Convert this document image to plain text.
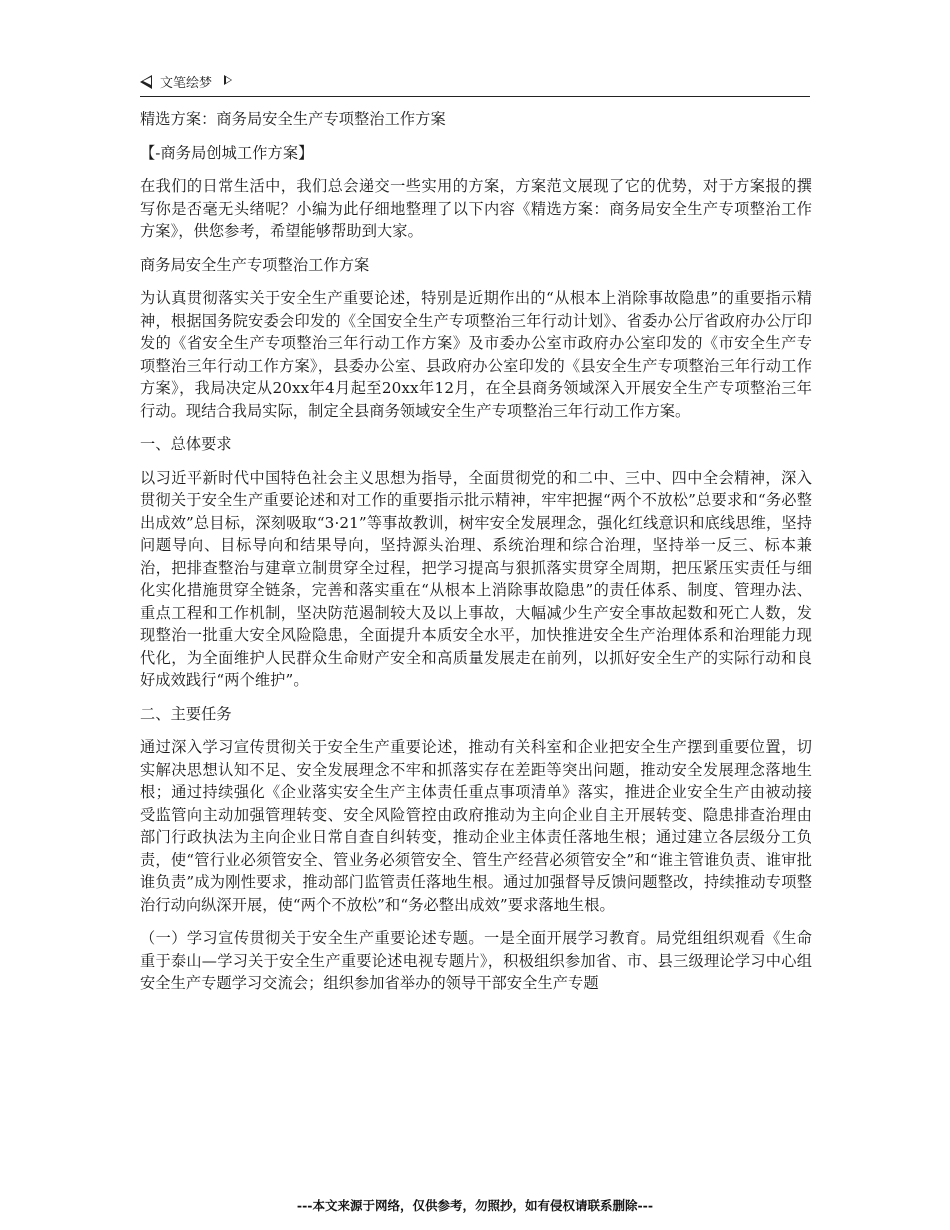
文笔绘梦

精选方案：商务局安全生产专项整治工作方案

【-商务局创城工作方案】

在我们的日常生活中，我们总会递交一些实用的方案，方案范文展现了它的优势，对于方案报的撰写你是否毫无头绪呢？小编为此仔细地整理了以下内容《精选方案：商务局安全生产专项整治工作方案》，供您参考，希望能够帮助到大家。

商务局安全生产专项整治工作方案

为认真贯彻落实关于安全生产重要论述，特别是近期作出的“从根本上消除事故隐患”的重要指示精神，根据国务院安委会印发的《全国安全生产专项整治三年行动计划》、省委办公厅省政府办公厅印发的《省安全生产专项整治三年行动工作方案》及市委办公室市政府办公室印发的《市安全生产专项整治三年行动工作方案》，县委办公室、县政府办公室印发的《县安全生产专项整治三年行动工作方案》，我局决定从20xx年4月起至20xx年12月，在全县商务领域深入开展安全生产专项整治三年行动。现结合我局实际，制定全县商务领域安全生产专项整治三年行动工作方案。

一、总体要求

以习近平新时代中国特色社会主义思想为指导，全面贯彻党的和二中、三中、四中全会精神，深入贯彻关于安全生产重要论述和对工作的重要指示批示精神，牢牢把握“两个不放松”总要求和“务必整出成效”总目标，深刻吸取“3·21”等事故教训，树牢安全发展理念，强化红线意识和底线思维，坚持问题导向、目标导向和结果导向，坚持源头治理、系统治理和综合治理，坚持举一反三、标本兼治，把排查整治与建章立制贯穿全过程，把学习提高与狠抓落实贯穿全周期，把压紧压实责任与细化实化措施贯穿全链条，完善和落实重在“从根本上消除事故隐患”的责任体系、制度、管理办法、重点工程和工作机制，坚决防范遏制较大及以上事故，大幅减少生产安全事故起数和死亡人数，发现整治一批重大安全风险隐患，全面提升本质安全水平，加快推进安全生产治理体系和治理能力现代化，为全面维护人民群众生命财产安全和高质量发展走在前列，以抓好安全生产的实际行动和良好成效践行“两个维护”。

二、主要任务

通过深入学习宣传贯彻关于安全生产重要论述，推动有关科室和企业把安全生产摆到重要位置，切实解决思想认知不足、安全发展理念不牢和抓落实存在差距等突出问题，推动安全发展理念落地生根；通过持续强化《企业落实安全生产主体责任重点事项清单》落实，推进企业安全生产由被动接受监管向主动加强管理转变、安全风险管控由政府推动为主向企业自主开展转变、隐患排查治理由部门行政执法为主向企业日常自查自纠转变，推动企业主体责任落地生根；通过建立各层级分工负责，使“管行业必须管安全、管业务必须管安全、管生产经营必须管安全”和“谁主管谁负责、谁审批谁负责”成为刚性要求，推动部门监管责任落地生根。通过加强督导反馈问题整改，持续推动专项整治行动向纵深开展，使“两个不放松”和“务必整出成效”要求落地生根。

（一）学习宣传贯彻关于安全生产重要论述专题。一是全面开展学习教育。局党组组织观看《生命重于泰山—学习关于安全生产重要论述电视专题片》，积极组织参加省、市、县三级理论学习中心组安全生产专题学习交流会；组织参加省举办的领导干部安全生产专题

---本文来源于网络，仅供参考，勿照抄，如有侵权请联系删除---
